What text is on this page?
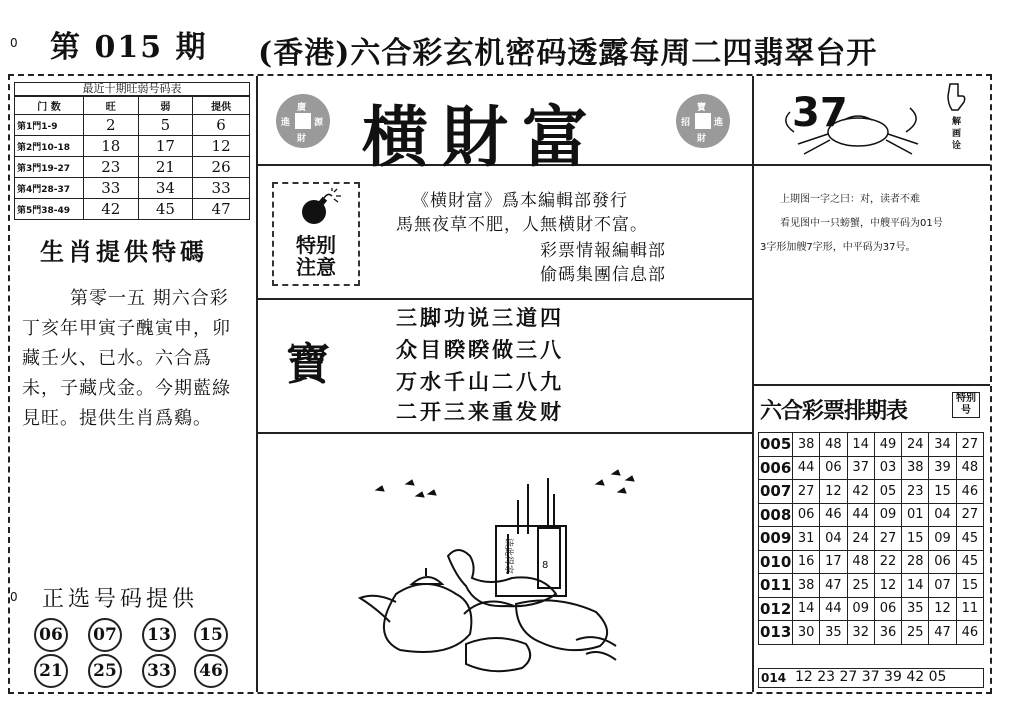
0 第 015 期 (香港)六合彩玄机密码透露每周二四翡翠台开
0
最近十期旺弱号码表
门 数	旺	弱	提供
第1門1-9	2	5	6
第2門10-18	18	17	12
第3門19-27	23	21	26
第4門28-37	33	34	33
第5門38-49	42	45	47
生肖提供特碼
第零一五 期六合彩丁亥年甲寅子醜寅申，卯藏壬火、已水。六合爲未，子藏戌金。今期藍綠見旺。提供生肖爲鷄。
正选号码提供
06	07	13	15
21	25	33	46
廣
進	源
財 横財富	寶
招	進
財
特别
注意
《横財富》爲本編輯部發行
馬無夜草不肥，人無横財不富。
彩票情報編輯部
偷碼集團信息部
寶
三脚功说三道四
众目睽睽做三八
万水千山二八九
二开三来重发财
读此得家	8
37	解画诠

上期图一字之曰：对，读者不难

看见图中一只螃蟹，中艘平码为01号

3字形加艘7字形，中平码为37号。

六合彩票排期表
特别号
005	38	48	14	49	24	34	27
006	44	06	37	03	38	39	48
007	27	12	42	05	23	15	46
008	06	46	44	09	01	04	27
009	31	04	24	27	15	09	45
010	16	17	48	22	28	06	45
011	38	47	25	12	14	07	15
012	14	44	09	06	35	12	11
013	30	35	32	36	25	47	46
014 12 23 27 37 39 42 05
